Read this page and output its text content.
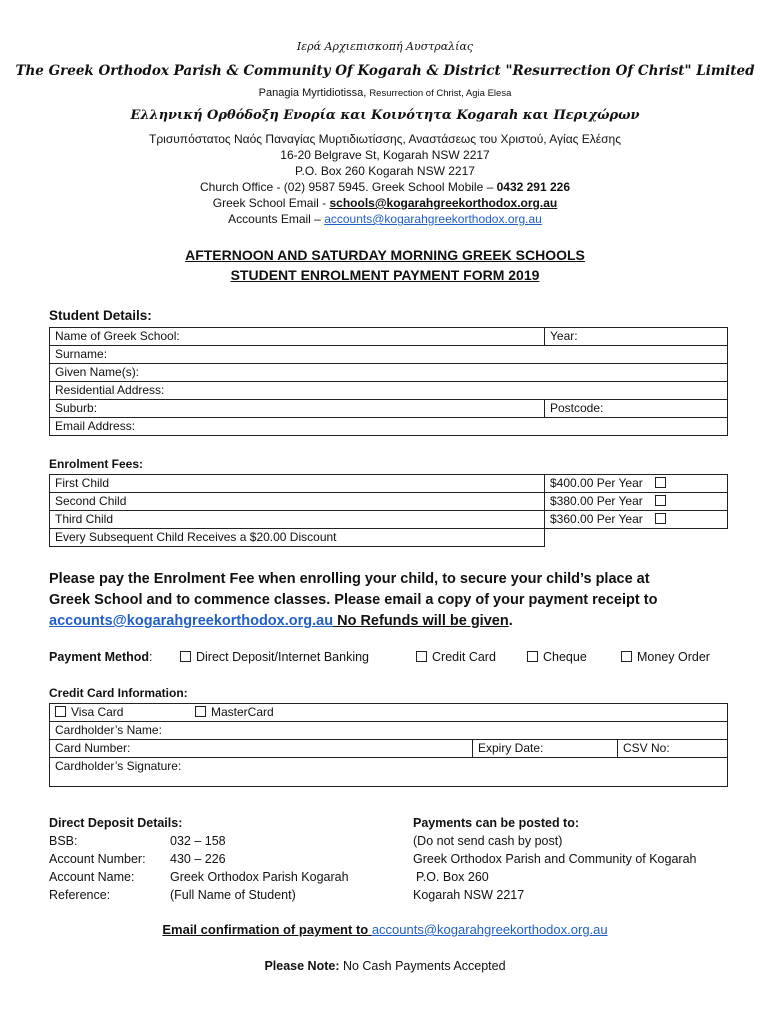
Ιερά Αρχιεπισκοπή Αυστραλίας
The Greek Orthodox Parish & Community Of Kogarah & District "Resurrection Of Christ" Limited
Panagia Myrtidiotissa, Resurrection of Christ, Agia Elesa
Ελληνική Ορθόδοξη Ενορία και Κοινότητα Kogarah και Περιχώρων
Τρισυπόστατος Ναός Παναγίας Μυρτιδιωτίσσης, Αναστάσεως του Χριστού, Αγίας Ελέσης
16-20 Belgrave St, Kogarah NSW 2217
P.O. Box 260 Kogarah NSW 2217
Church Office - (02) 9587 5945. Greek School Mobile – 0432 291 226
Greek School Email - schools@kogarahgreekorthodox.org.au
Accounts Email – accounts@kogarahgreekorthodox.org.au
AFTERNOON AND SATURDAY MORNING GREEK SCHOOLS
STUDENT ENROLMENT PAYMENT FORM 2019
Student Details:
Name of Greek School:	Year:
Surname:	
Given Name(s):	
Residential Address:	
Suburb:	Postcode:
Email Address:	
Enrolment Fees:
First Child	$400.00 Per Year
Second Child	$380.00 Per Year
Third Child	$360.00 Per Year
Every Subsequent Child Receives a $20.00 Discount	
Please pay the Enrolment Fee when enrolling your child, to secure your child’s place at
Greek School and to commence classes. Please email a copy of your payment receipt to
accounts@kogarahgreekorthodox.org.au No Refunds will be given.
Payment Method:	Direct Deposit/Internet Banking	Credit Card	Cheque	Money Order
Credit Card Information:
Visa Card	MasterCard
Cardholder’s Name:
Card Number:	Expiry Date:	CSV No:
Cardholder’s Signature:
Direct Deposit Details:
BSB:	032 – 158
Account Number: 430 – 226
Account Name:	Greek Orthodox Parish Kogarah
Reference:	(Full Name of Student)
Payments can be posted to:
(Do not send cash by post)
Greek Orthodox Parish and Community of Kogarah
P.O. Box 260
Kogarah NSW 2217
Email confirmation of payment to accounts@kogarahgreekorthodox.org.au
Please Note: No Cash Payments Accepted
